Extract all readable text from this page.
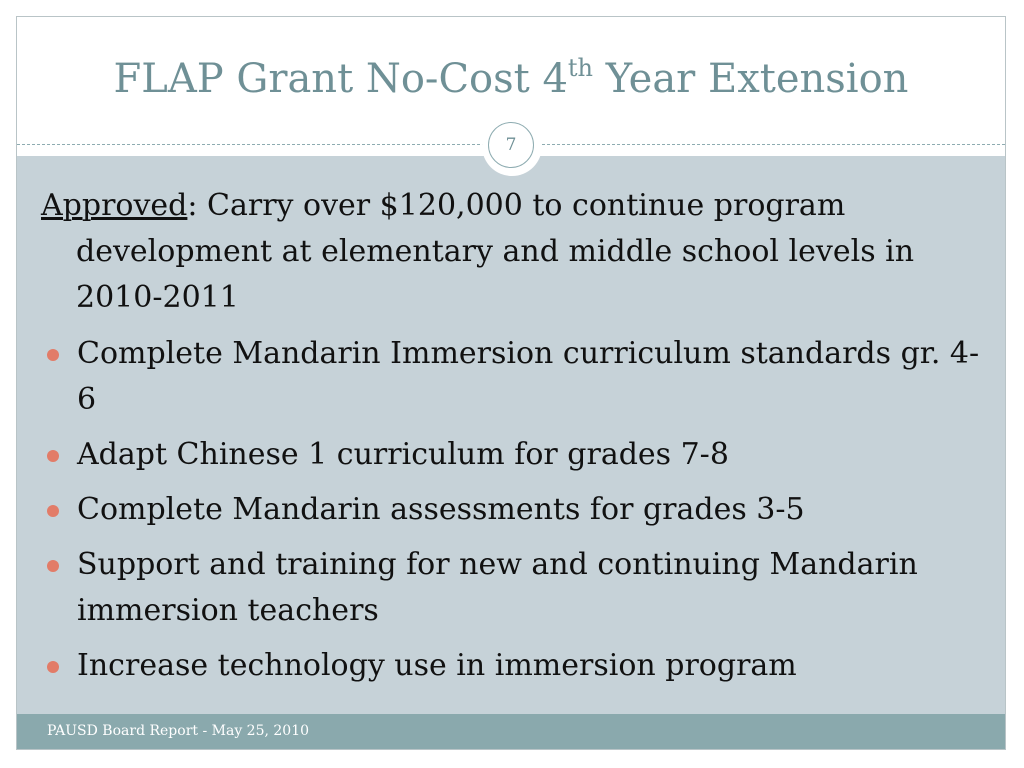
FLAP Grant No-Cost 4th Year Extension
7

Approved: Carry over $120,000 to continue program development at elementary and middle school levels in 2010-2011

Complete Mandarin Immersion curriculum standards gr. 4-6
Adapt Chinese 1 curriculum for grades 7-8
Complete Mandarin assessments for grades 3-5
Support and training for new and continuing Mandarin immersion teachers
Increase technology use in immersion program
PAUSD Board Report - May 25, 2010
